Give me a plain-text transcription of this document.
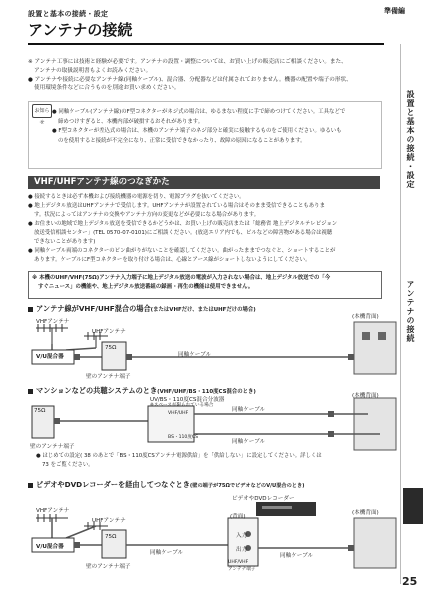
設置と基本の接続・設定
アンテナの接続
準備編
設置と基本の接続・設定
アンテナの接続
※ アンテナ工事には技術と経験が必要です。アンテナの設置・調整については、お買い上げの販売店にご相談ください。また、
アンテナの取扱説明書もよくお読みください。
● アンテナや接続に必要なアンテナ線(同軸ケーブル)、混合器、分配器などは付属されておりません。機器の配置や端子の形状、
使用環境条件などに合うものを別途お買い求めください。
お知らせ
● 同軸ケーブル(アンテナ線)のF型コネクターがネジ式の場合は、ゆるまない程度に手で締めつけてください。工具などで
締めつけすぎると、本機内部が破損するおそれがあります。
● F型コネクターが差込式の場合は、本機のアンテナ端子のネジ部分と確実に接触するものをご使用ください。ゆるいも
のを使用すると接続が不完全になり、正常に受信できなかったり、故障の原因になることがあります。
VHF/UHFアンテナ線のつなぎかた
● 接続するときは必ず本機および接続機器の電源を切り、電源プラグを抜いてください。
● 地上デジタル放送はUHFアンテナで受信します。UHFアンテナが設置されている場合はそのまま受信できることもありま
す。状況によってはアンテナの交換やアンテナ方向の変更などが必要になる場合があります。
● お住まいの地域で地上デジタル放送を受信できるかどうかは、お買い上げの販売店または「総務省 地上デジタルテレビジョン
放送受信相談センター」(TEL 0570-07-0101)にご相談ください。(放送エリア内でも、ビルなどの障害物がある場合は視聴
できないことがあります)
● 同軸ケーブル両端のコネクターのピン曲がりがないことを確認してください。曲がったままでつなぐと、ショートすることが
あります。ケーブルにF型コネクターを取り付ける場合は、心線とアース線がショートしないようにしてください。
※ 本機のUHF/VHF(75Ω)アンテナ入力端子に地上デジタル放送の電波が入力されない場合は、地上デジタル放送での「今
すぐニュース」の機能や、地上デジタル放送番組の録画・再生の機能は使用できません。
アンテナ線がVHF/UHF混合の場合(またはVHFだけ、またはUHFだけの場合)
VHFアンテナ
UHFアンテナ
V/U混合器
75Ω
壁のアンテナ端子
同軸ケーブル
(本機背面)
マンションなどの共聴システムのとき(VHF/UHF/BS・110度CS混合のとき)
UV/BS・110度CS混合分波器
※スペースが限られている場合
75Ω	VHF/UHF
BS・110度CS
壁のアンテナ端子
同軸ケーブル
同軸ケーブル
(本機背面)
● はじめての設定( 38 のあとで「BS・110度CSアンテナ電源供給」を「供給しない」に設定してください。詳しくは
73 をご覧ください。
ビデオやDVDレコーダーを経由してつなぐとき(壁の端子が75ΩでビデオなどのV/U混合のとき)
ビデオやDVDレコーダー
(背面)
入力
出力
UHF/VHF
アンテナ端子
VHFアンテナ
UHFアンテナ
V/U混合器
75Ω
壁のアンテナ端子
同軸ケーブル	同軸ケーブル
(本機背面)
25
